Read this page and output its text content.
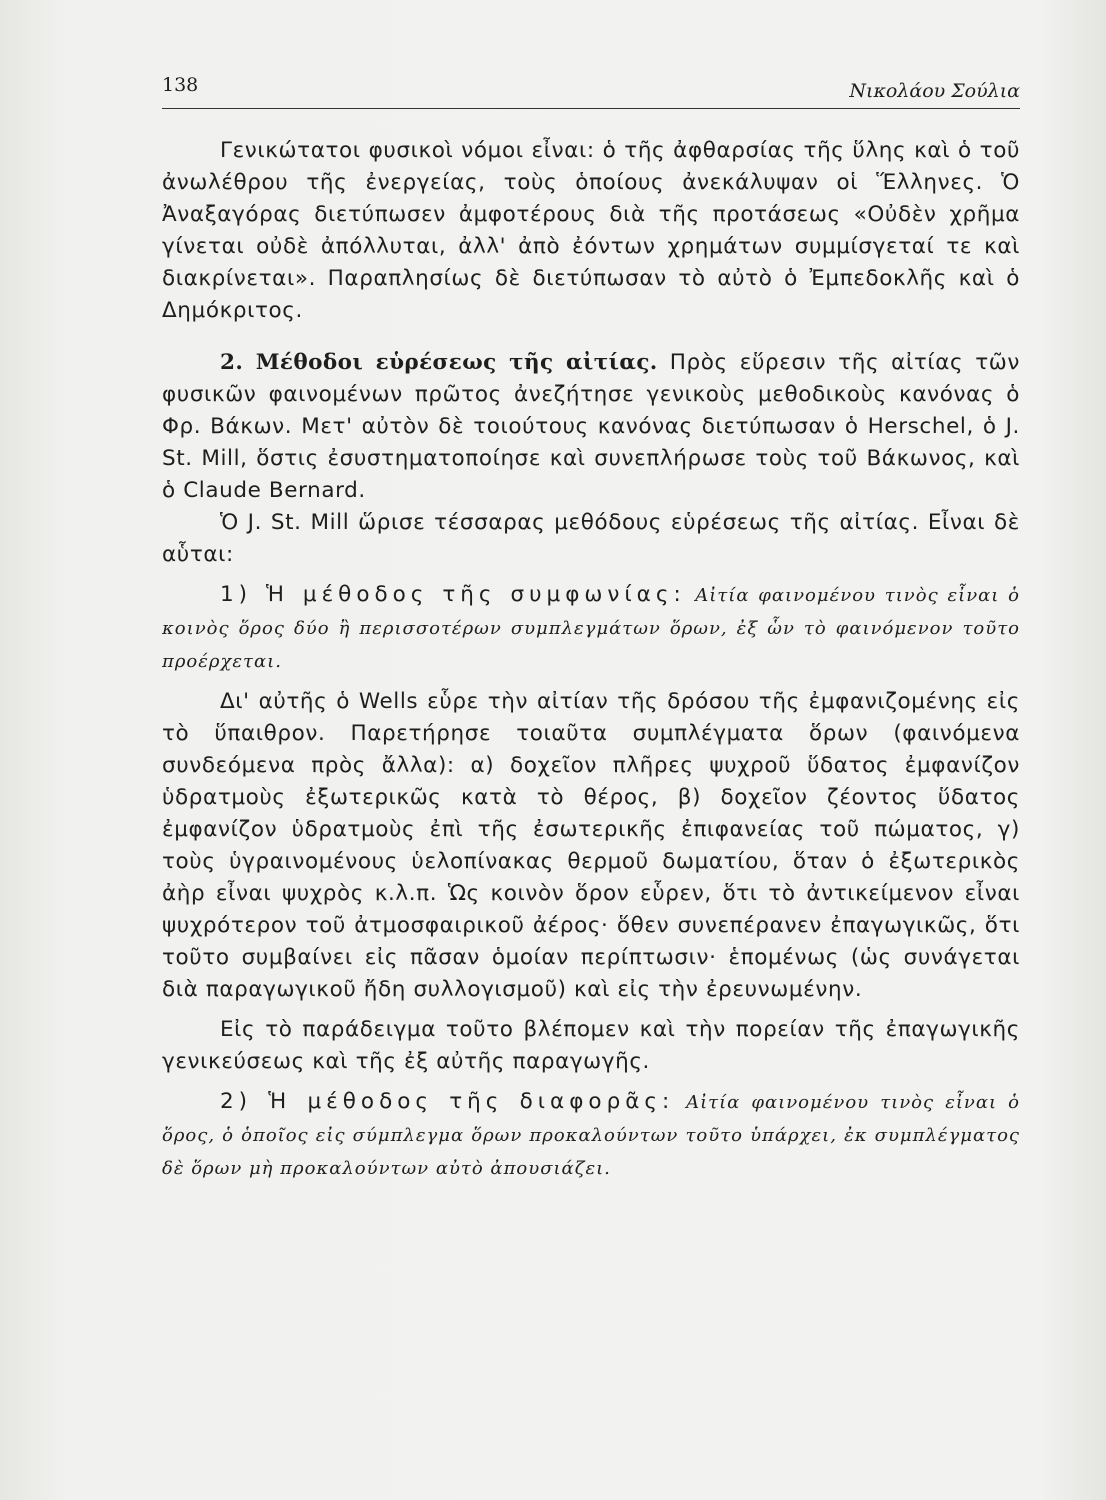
138	Νικολάου Σούλια

Γενικώτατοι φυσικοὶ νόμοι εἶναι: ὁ τῆς ἀφθαρσίας τῆς ὕλης καὶ ὁ τοῦ ἀνωλέθρου τῆς ἐνεργείας, τοὺς ὁποίους ἀνεκάλυψαν οἱ Ἕλληνες. Ὁ Ἀναξαγόρας διετύπωσεν ἀμφοτέρους διὰ τῆς προτάσεως «Οὐδὲν χρῆμα γίνεται οὐδὲ ἀπόλλυται, ἀλλ' ἀπὸ ἐόντων χρημάτων συμμίσγεταί τε καὶ διακρίνεται». Παραπλησίως δὲ διετύπωσαν τὸ αὐτὸ ὁ Ἐμπεδοκλῆς καὶ ὁ Δημόκριτος.

2. Μέθοδοι εὑρέσεως τῆς αἰτίας. Πρὸς εὕρεσιν τῆς αἰτίας τῶν φυσικῶν φαινομένων πρῶτος ἀνεζήτησε γενικοὺς μεθοδικοὺς κανόνας ὁ Φρ. Βάκων. Μετ' αὐτὸν δὲ τοιούτους κανόνας διετύπωσαν ὁ Herschel, ὁ J. St. Mill, ὅστις ἐσυστηματοποίησε καὶ συνεπλήρωσε τοὺς τοῦ Βάκωνος, καὶ ὁ Claude Bernard.

Ὁ J. St. Mill ὥρισε τέσσαρας μεθόδους εὑρέσεως τῆς αἰτίας. Εἶναι δὲ αὗται:

1) Ἡ μέθοδος τῆς συμφωνίας: Αἰτία φαινομένου τινὸς εἶναι ὁ κοινὸς ὅρος δύο ἢ περισσοτέρων συμπλεγμάτων ὅρων, ἐξ ὧν τὸ φαινόμενον τοῦτο προέρχεται.

Δι' αὐτῆς ὁ Wells εὗρε τὴν αἰτίαν τῆς δρόσου τῆς ἐμφανιζομένης εἰς τὸ ὕπαιθρον. Παρετήρησε τοιαῦτα συμπλέγματα ὅρων (φαινόμενα συνδεόμενα πρὸς ἄλλα): α) δοχεῖον πλῆρες ψυχροῦ ὕδατος ἐμφανίζον ὑδρατμοὺς ἐξωτερικῶς κατὰ τὸ θέρος, β) δοχεῖον ζέοντος ὕδατος ἐμφανίζον ὑδρατμοὺς ἐπὶ τῆς ἐσωτερικῆς ἐπιφανείας τοῦ πώματος, γ) τοὺς ὑγραινομένους ὑελοπίνακας θερμοῦ δωματίου, ὅταν ὁ ἐξωτερικὸς ἀὴρ εἶναι ψυχρὸς κ.λ.π. Ὡς κοινὸν ὅρον εὗρεν, ὅτι τὸ ἀντικείμενον εἶναι ψυχρότερον τοῦ ἀτμοσφαιρικοῦ ἀέρος· ὅθεν συνεπέρανεν ἐπαγωγικῶς, ὅτι τοῦτο συμβαίνει εἰς πᾶσαν ὁμοίαν περίπτωσιν· ἑπομένως (ὡς συνάγεται διὰ παραγωγικοῦ ἤδη συλλογισμοῦ) καὶ εἰς τὴν ἐρευνωμένην.

Εἰς τὸ παράδειγμα τοῦτο βλέπομεν καὶ τὴν πορείαν τῆς ἐπαγωγικῆς γενικεύσεως καὶ τῆς ἐξ αὐτῆς παραγωγῆς.

2) Ἡ μέθοδος τῆς διαφορᾶς: Αἰτία φαινομένου τινὸς εἶναι ὁ ὅρος, ὁ ὁποῖος εἰς σύμπλεγμα ὅρων προκαλούντων τοῦτο ὑπάρχει, ἐκ συμπλέγματος δὲ ὅρων μὴ προκαλούντων αὐτὸ ἀπουσιάζει.
